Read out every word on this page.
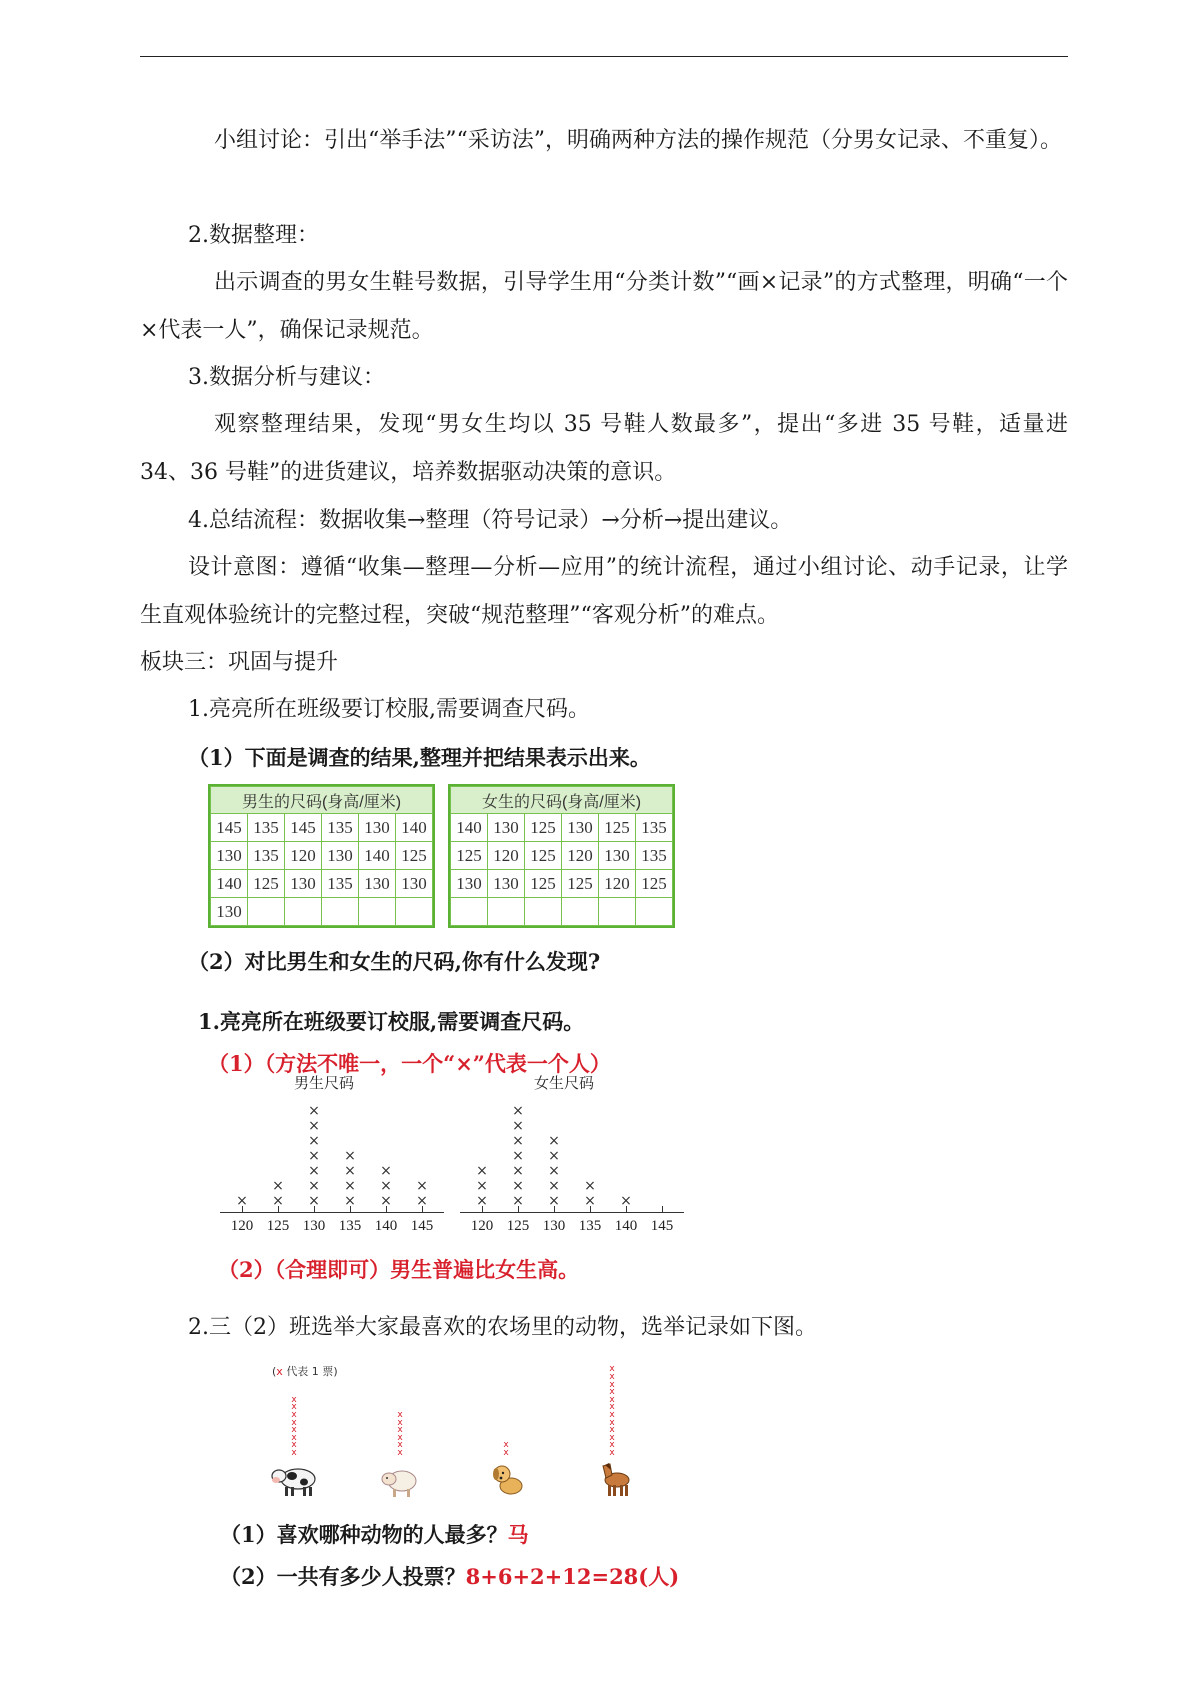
小组讨论：引出“举手法”“采访法”，明确两种方法的操作规范（分男女记录、不重复）。

2.数据整理：

出示调查的男女生鞋号数据，引导学生用“分类计数”“画×记录”的方式整理，明确“一个×代表一人”，确保记录规范。

3.数据分析与建议：

观察整理结果，发现“男女生均以 35 号鞋人数最多”，提出“多进 35 号鞋，适量进 34、36 号鞋”的进货建议，培养数据驱动决策的意识。

4.总结流程：数据收集→整理（符号记录）→分析→提出建议。

设计意图：遵循“收集—整理—分析—应用”的统计流程，通过小组讨论、动手记录，让学生直观体验统计的完整过程，突破“规范整理”“客观分析”的难点。

板块三：巩固与提升

1.亮亮所在班级要订校服,需要调查尺码。

（1）下面是调查的结果,整理并把结果表示出来。

男生的尺码(身高/厘米)					
145	135	145	135	130	140
130	135	120	130	140	125
140	125	130	135	130	130
130					
女生的尺码(身高/厘米)					
140	130	125	130	125	135
125	120	125	120	130	135
130	130	125	125	120	125

（2）对比男生和女生的尺码,你有什么发现?

1.亮亮所在班级要订校服,需要调查尺码。

（1）（方法不唯一，一个“×”代表一个人）

男生尺码
120
×
125
×
×
130
×
×
×
×
×
×
×
135
×
×
×
×
140
×
×
×
145
×
×
女生尺码
120
×
×
×
125
×
×
×
×
×
×
×
130
×
×
×
×
×
135
×
×
140
×
145

（2）（合理即可）男生普遍比女生高。

2.三（2）班选举大家最喜欢的农场里的动物，选举记录如下图。

(x 代表 1 票)
x
x
x
x
x
x
x
x
x
x
x
x
x
x
x
x
x
x
x
x
x
x
x
x
x
x
x
x

（1）喜欢哪种动物的人最多？马

（2）一共有多少人投票？8+6+2+12=28(人)
